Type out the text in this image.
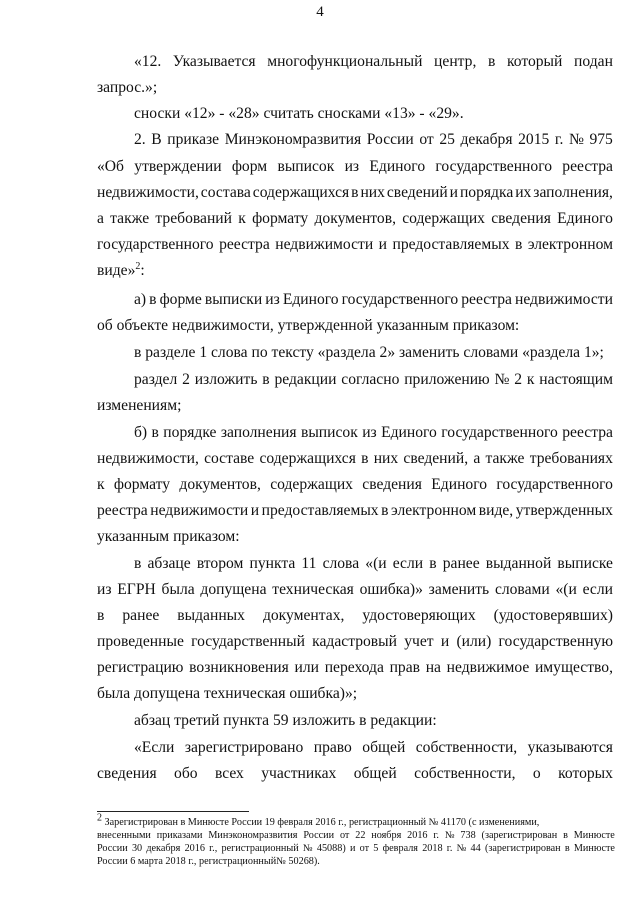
4
«12. Указывается многофункциональный центр, в который подан
запрос.»;
сноски «12» - «28» считать сносками «13» - «29».
2. В приказе Минэкономразвития России от 25 декабря 2015 г. № 975
«Об утверждении форм выписок из Единого государственного реестра
недвижимости, состава содержащихся в них сведений и порядка их заполнения,
а также требований к формату документов, содержащих сведения Единого
государственного реестра недвижимости и предоставляемых в электронном
виде»$^2$:
а) в форме выписки из Единого государственного реестра недвижимости
об объекте недвижимости, утвержденной указанным приказом:
в разделе 1 слова по тексту «раздела 2» заменить словами «раздела 1»;
раздел 2 изложить в редакции согласно приложению № 2 к настоящим
изменениям;
б) в порядке заполнения выписок из Единого государственного реестра
недвижимости, составе содержащихся в них сведений, а также требованиях
к формату документов, содержащих сведения Единого государственного
реестра недвижимости и предоставляемых в электронном виде, утвержденных
указанным приказом:
в абзаце втором пункта 11 слова «(и если в ранее выданной выписке
из ЕГРН была допущена техническая ошибка)» заменить словами «(и если
в ранее выданных документах, удостоверяющих (удостоверявших)
проведенные государственный кадастровый учет и (или) государственную
регистрацию возникновения или перехода прав на недвижимое имущество,
была допущена техническая ошибка)»;
абзац третий пункта 59 изложить в редакции:
«Если зарегистрировано право общей собственности, указываются
сведения обо всех участниках общей собственности, о которых
$^2$ Зарегистрирован в Минюсте России 19 февраля 2016 г., регистрационный № 41170 (с изменениями,
внесенными приказами Минэкономразвития России от 22 ноября 2016 г. № 738 (зарегистрирован в Минюсте
России 30 декабря 2016 г., регистрационный № 45088) и от 5 февраля 2018 г. № 44 (зарегистрирован в Минюсте
России 6 марта 2018 г., регистрационный№ 50268).
